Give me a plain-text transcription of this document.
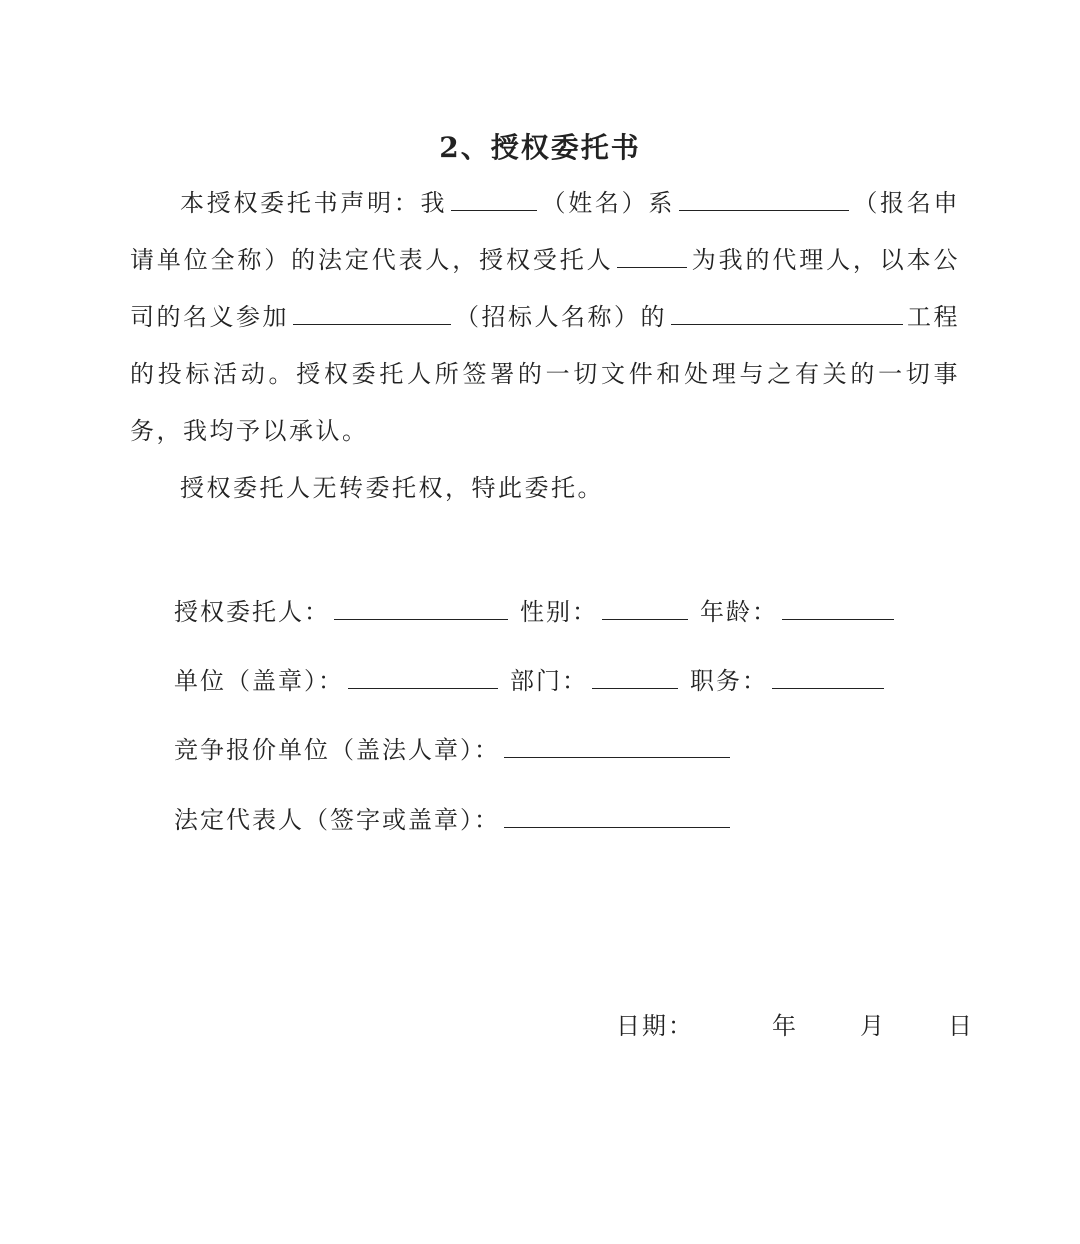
2、授权委托书
本授权委托书声明：我	（姓名）系	（报名申请单位全称）的法定代表人，授权受托人	为我的代理人，以本公司的名义参加	（招标人名称）的	工程的投标活动。授权委托人所签署的一切文件和处理与之有关的一切事务，我均予以承认。
授权委托人无转委托权，特此委托。
授权委托人：	性别：	年龄：
单位（盖章）：	部门：	职务：
竞争报价单位（盖法人章）：
法定代表人（签字或盖章）：
日期：	年	月	日
